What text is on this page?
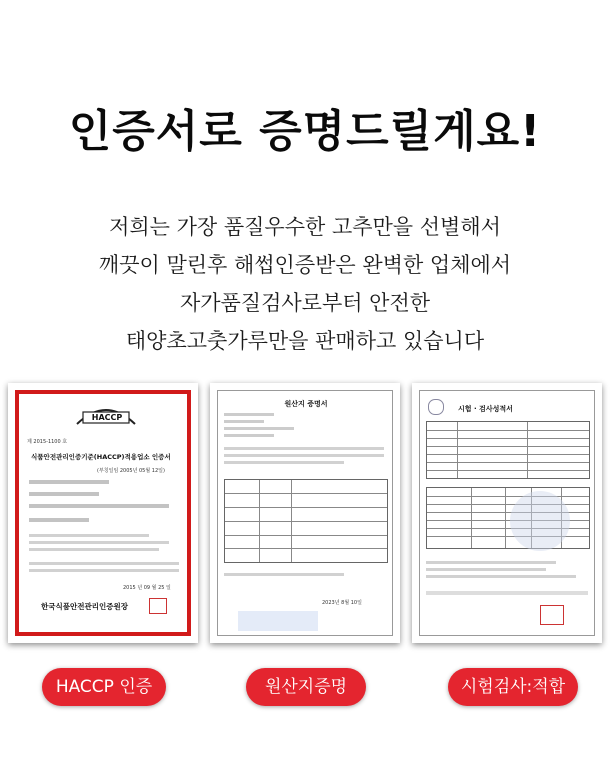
인증서로 증명드릴게요!
저희는 가장 품질우수한 고추만을 선별해서
깨끗이 말린후 해썹인증받은 완벽한 업체에서
자가품질검사로부터 안전한
태양초고춧가루만을 판매하고 있습니다
HACCP
제 2015-1100 호
식품안전관리인증기준(HACCP)적용업소 인증서
(부칭일임 2005년 05월 12일)
2015 년 09 월 25 일
한국식품안전관리인증원장
원산지 증명서
2023년 8월 10일
시험 · 검사성적서
HACCP 인증	원산지증명	시험검사:적합
